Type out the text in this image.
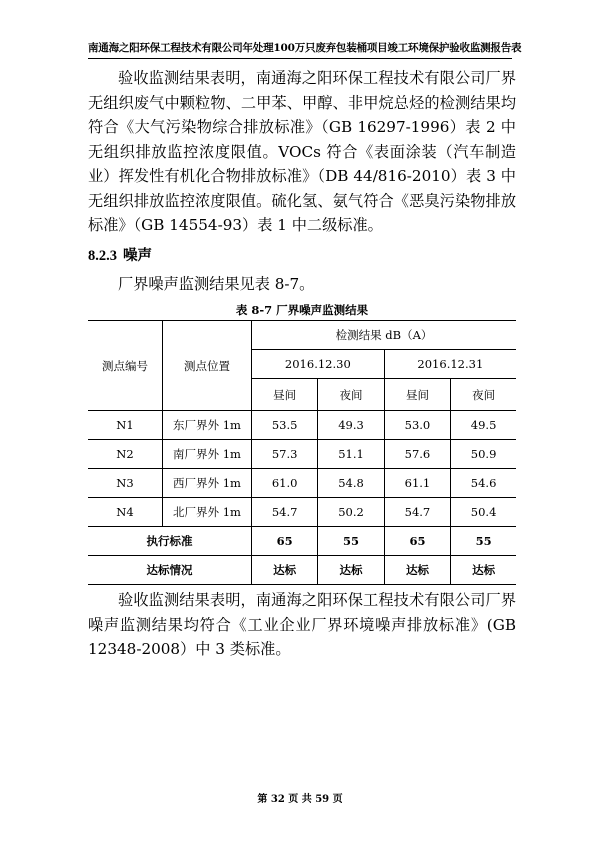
南通海之阳环保工程技术有限公司年处理100万只废弃包装桶项目竣工环境保护验收监测报告表

验收监测结果表明，南通海之阳环保工程技术有限公司厂界无组织废气中颗粒物、二甲苯、甲醇、非甲烷总烃的检测结果均符合《大气污染物综合排放标准》（GB 16297-1996）表 2 中无组织排放监控浓度限值。VOCs 符合《表面涂装（汽车制造业）挥发性有机化合物排放标准》（DB 44/816-2010）表 3 中无组织排放监控浓度限值。硫化氢、氨气符合《恶臭污染物排放标准》（GB 14554-93）表 1 中二级标准。

8.2.3 噪声

厂界噪声监测结果见表 8-7。

表 8-7 厂界噪声监测结果
测点编号	测点位置	检测结果 dB（A）			
		2016.12.30		2016.12.31	
		昼间	夜间	昼间	夜间
N1	东厂界外 1m	53.5	49.3	53.0	49.5
N2	南厂界外 1m	57.3	51.1	57.6	50.9
N3	西厂界外 1m	61.0	54.8	61.1	54.6
N4	北厂界外 1m	54.7	50.2	54.7	50.4
执行标准		65	55	65	55
达标情况		达标	达标	达标	达标

验收监测结果表明，南通海之阳环保工程技术有限公司厂界噪声监测结果均符合《工业企业厂界环境噪声排放标准》(GB 12348-2008）中 3 类标准。

第 32 页 共 59 页
